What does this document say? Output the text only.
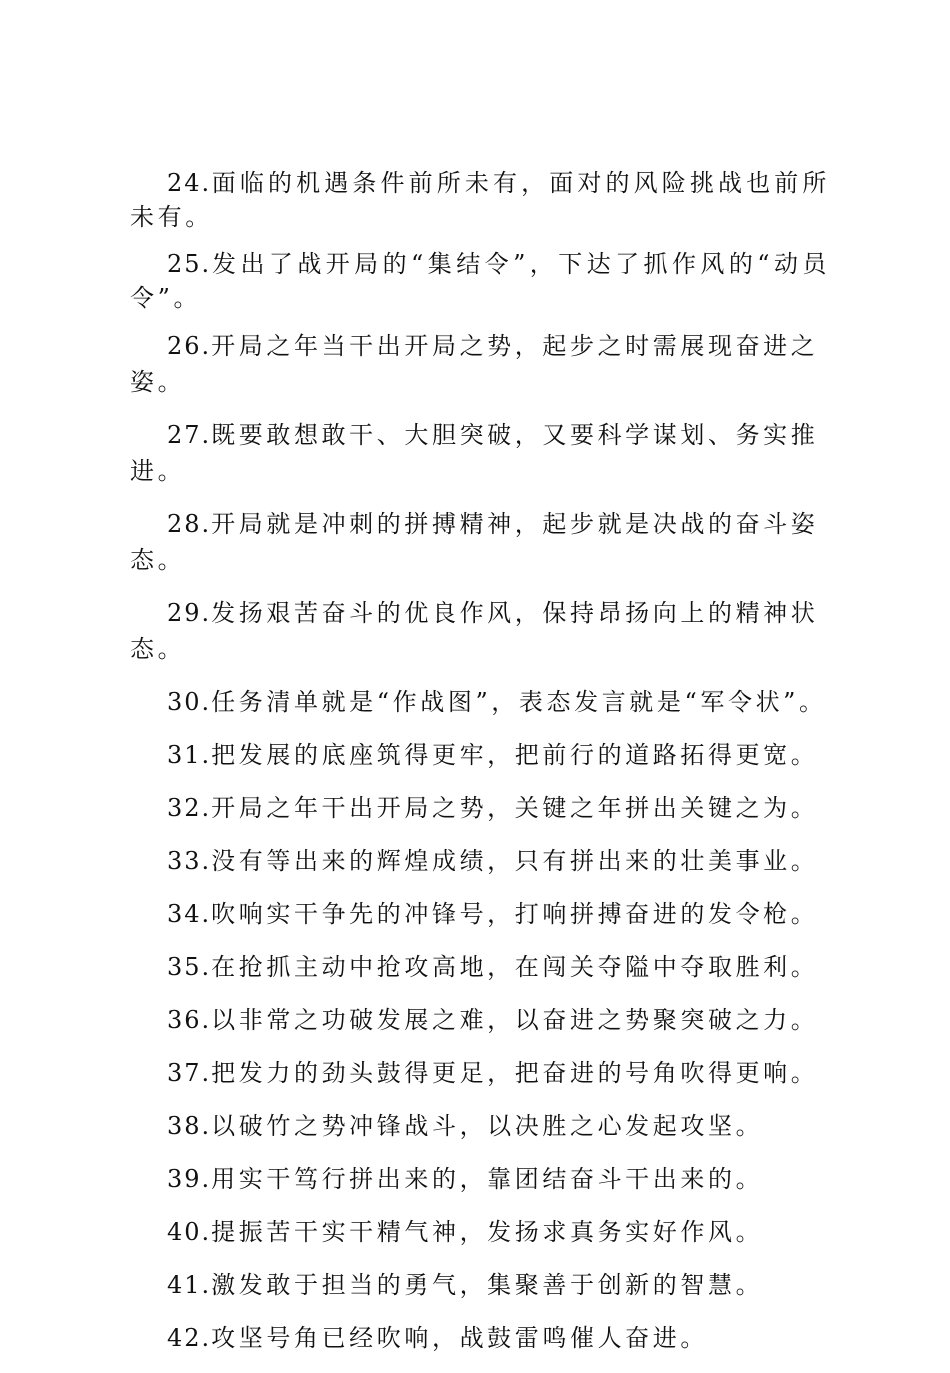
24.面临的机遇条件前所未有，面对的风险挑战也前所未有。

25.发出了战开局的“集结令”，下达了抓作风的“动员令”。

26.开局之年当干出开局之势，起步之时需展现奋进之姿。

27.既要敢想敢干、大胆突破，又要科学谋划、务实推进。

28.开局就是冲刺的拼搏精神，起步就是决战的奋斗姿态。

29.发扬艰苦奋斗的优良作风，保持昂扬向上的精神状态。

30.任务清单就是“作战图”，表态发言就是“军令状”。

31.把发展的底座筑得更牢，把前行的道路拓得更宽。

32.开局之年干出开局之势，关键之年拼出关键之为。

33.没有等出来的辉煌成绩，只有拼出来的壮美事业。

34.吹响实干争先的冲锋号，打响拼搏奋进的发令枪。

35.在抢抓主动中抢攻高地，在闯关夺隘中夺取胜利。

36.以非常之功破发展之难，以奋进之势聚突破之力。

37.把发力的劲头鼓得更足，把奋进的号角吹得更响。

38.以破竹之势冲锋战斗，以决胜之心发起攻坚。

39.用实干笃行拼出来的，靠团结奋斗干出来的。

40.提振苦干实干精气神，发扬求真务实好作风。

41.激发敢于担当的勇气，集聚善于创新的智慧。

42.攻坚号角已经吹响，战鼓雷鸣催人奋进。
